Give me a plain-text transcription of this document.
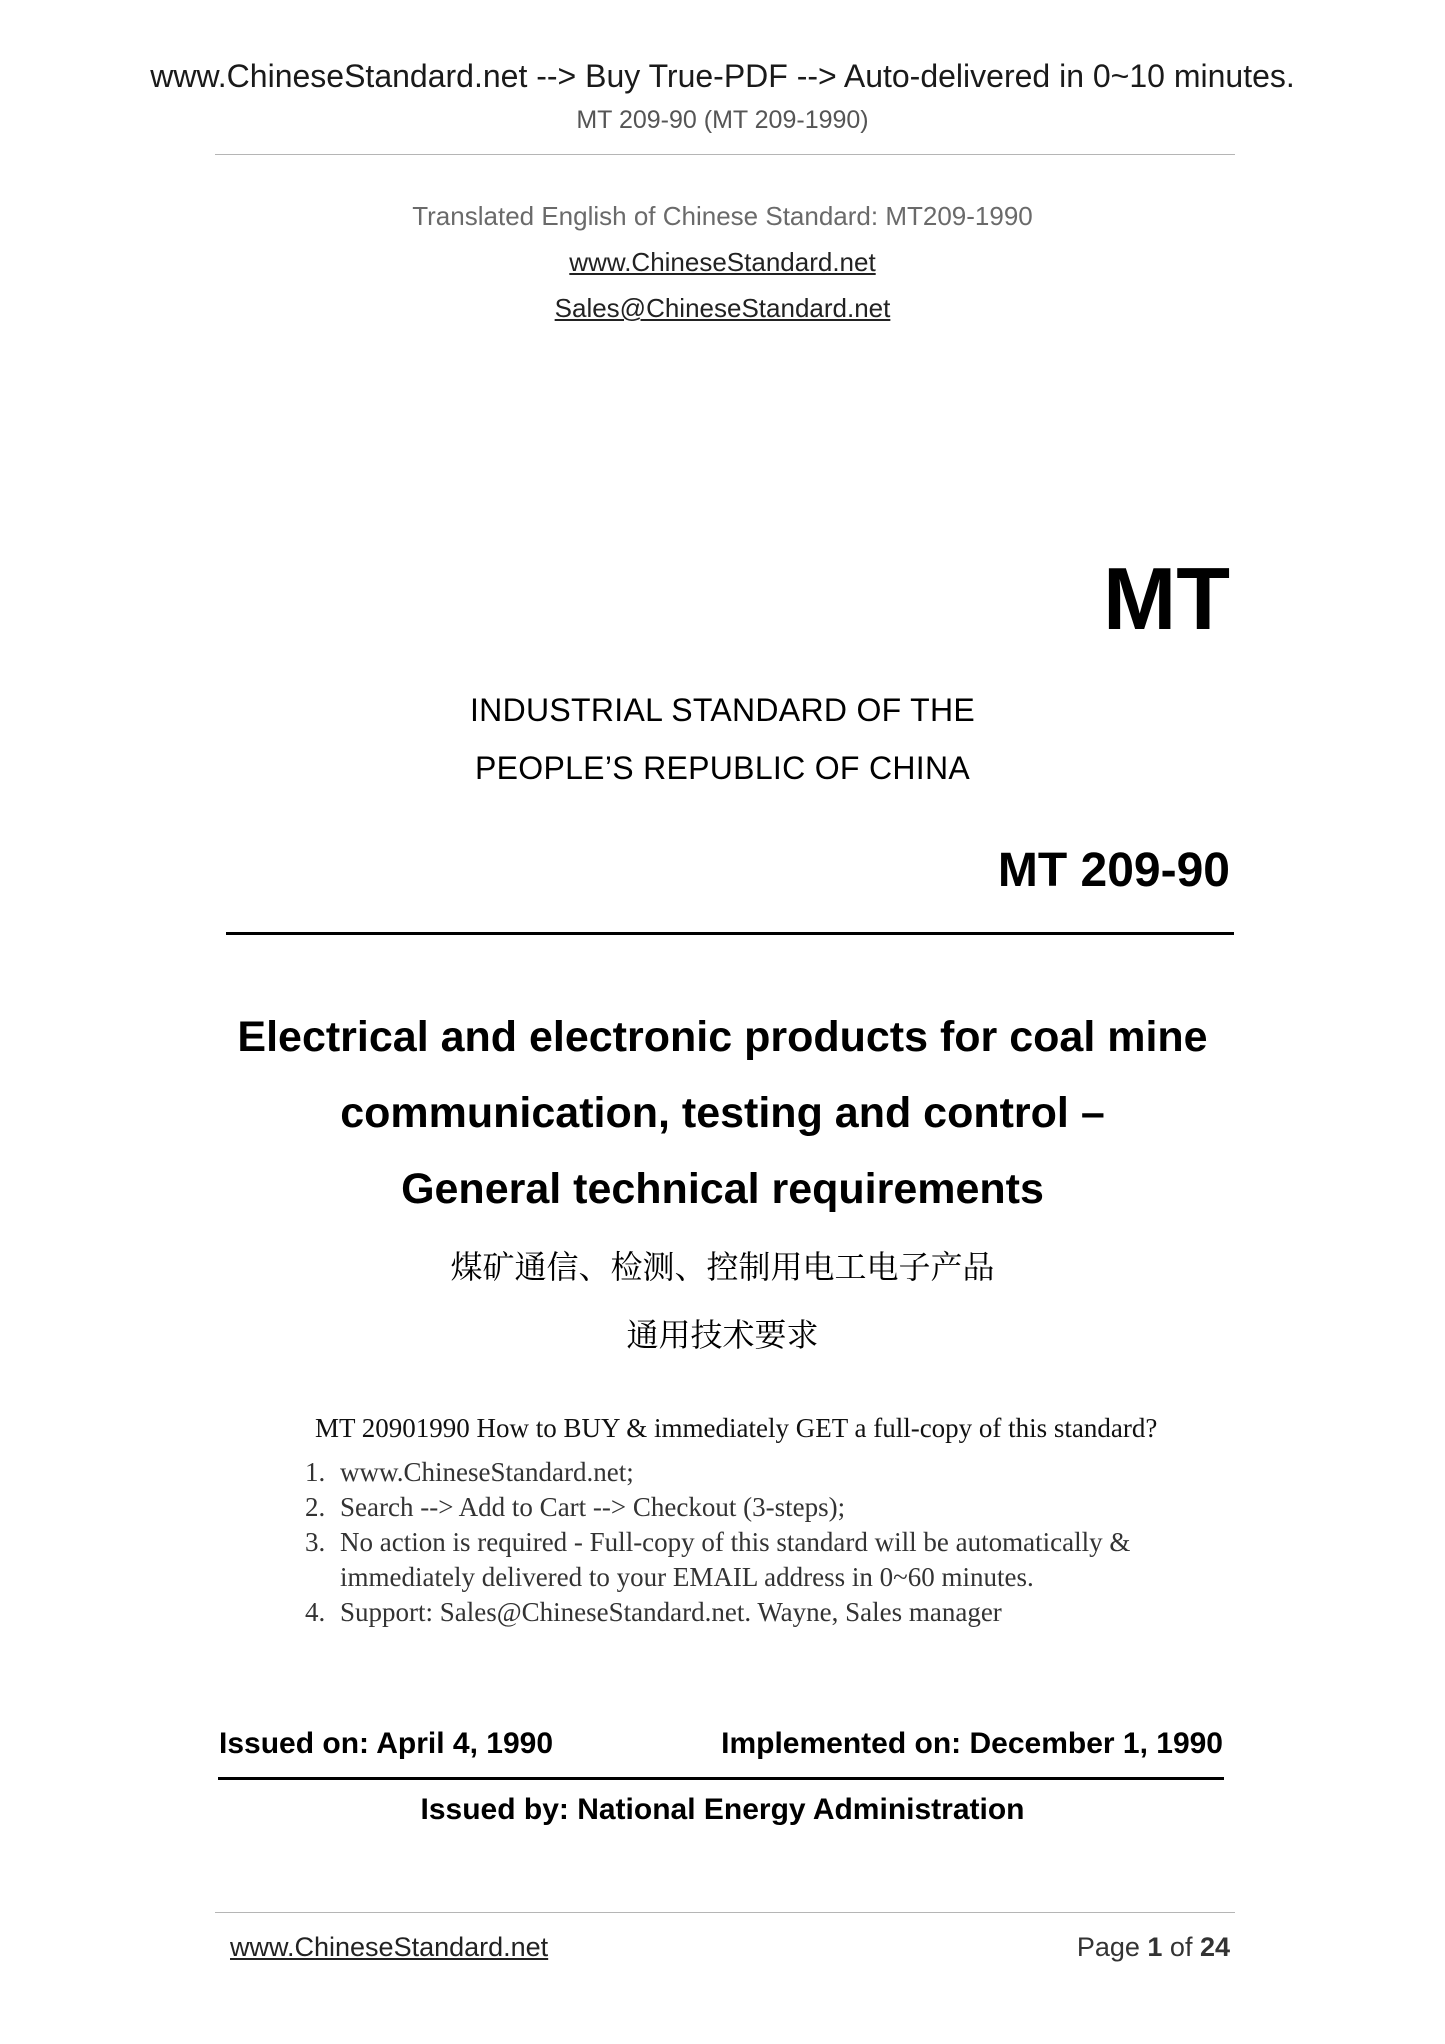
www.ChineseStandard.net --> Buy True-PDF --> Auto-delivered in 0~10 minutes.
MT 209-90 (MT 209-1990)
Translated English of Chinese Standard: MT209-1990
www.ChineseStandard.net
Sales@ChineseStandard.net
MT
INDUSTRIAL STANDARD OF THE
PEOPLE’S REPUBLIC OF CHINA
MT 209-90
Electrical and electronic products for coal mine
communication, testing and control –
General technical requirements
煤矿通信、检测、控制用电工电子产品
通用技术要求
MT 20901990 How to BUY & immediately GET a full-copy of this standard?
1. www.ChineseStandard.net;
2. Search --> Add to Cart --> Checkout (3-steps);
3. No action is required - Full-copy of this standard will be automatically &
immediately delivered to your EMAIL address in 0~60 minutes.
4. Support: Sales@ChineseStandard.net. Wayne, Sales manager
Issued on: April 4, 1990	Implemented on: December 1, 1990
Issued by: National Energy Administration
www.ChineseStandard.net	Page 1 of 24
